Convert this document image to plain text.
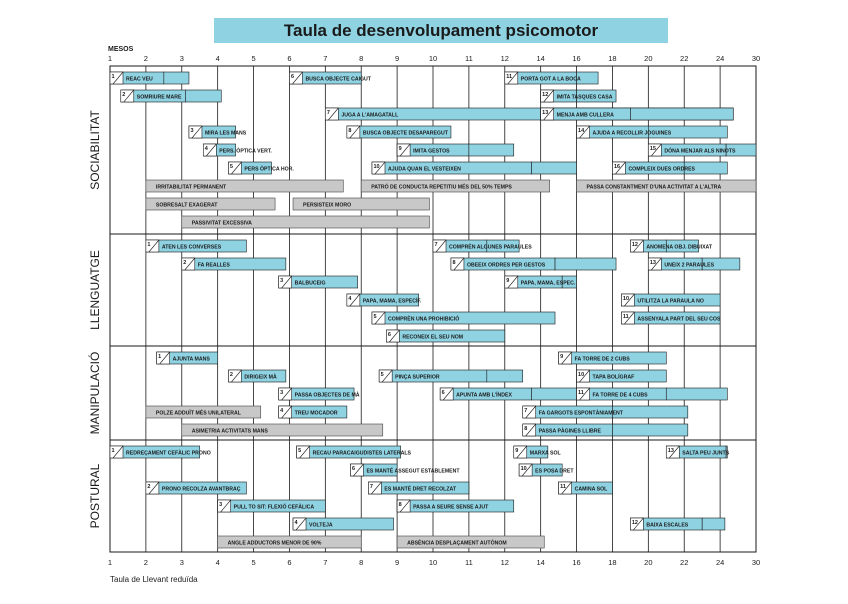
Taula de desenvolupament psicomotor
MESOS
1
1
2
2
3
3
4
4
5
5
6
6
7
7
8
8
9
9
10
10
11
11
12
12
14
14
16
16
18
18
20
20
22
22
24
24
30
30
SOCIABILITAT	IRRITABILITAT PERMANENT	PATRÓ DE CONDUCTA REPETITIU MÉS DEL 50% TEMPS	PASSA CONSTANTMENT D'UNA ACTIVITAT A L'ALTRA
SOBRESALT EXAGERAT	PERSISTEIX MORO
PASSIVITAT EXCESSIVA
1 REAC VEU	6 BUSCA OBJECTE CAIGUT	11 PORTA GOT A LA BOCA
2 SOMRIURE MARE	12 IMITA TASQUES CASA
7 JUGA A L'AMAGATALL	13 MENJA AMB CULLERA
3 MIRA LES MANS	8 BUSCA OBJECTE DESAPAREGUT	14 AJUDA A RECOLLIR JOGUINES
4 PERS. ÒPTICA VERT.	9 IMITA GESTOS	15 DÓNA MENJAR ALS NINOTS
5 PERS ÒPTICA HOR.	10 AJUDA QUAN EL VESTEIXEN	16 COMPLEIX DUES ORDRES
LLENGUATGE
1 ATEN LES CONVERSES	7 COMPRÈN ALGUNES PARAULES	12 ANOMENA OBJ. DIBUIXAT
2 FA REALLES	8 OBEEIX ORDRES PER GESTOS	13 UNEIX 2 PARAULES
3 BALBUCEIG	9 PAPA, MAMA, ESPEC.
4 PAPA, MAMA, ESPECÍF.	10 UTILITZA LA PARAULA NO
5 COMPRÈN UNA PROHIBICIÓ	11 ASSENYALA PART DEL SEU COS
6 RECONEIX EL SEU NOM
MANIPULACIÓ	POLZE ADDUÏT MÉS UNILATERAL
ASIMETRIA ACTIVITATS MANS
1 AJUNTA MANS	9 FA TORRE DE 2 CUBS
2 DIRIGEIX MÀ	5 PINÇA SUPERIOR	10 TAPA BOLÍGRAF
3 PASSA OBJECTES DE MÀ	6 APUNTA AMB L'ÍNDEX	11 FA TORRE DE 4 CUBS
4 TREU MOCADOR	7 FA GARGOTS ESPONTÀNIAMENT
8 PASSA PÀGINES LLIBRE
POSTURAL
ANGLE ADDUCTORS MENOR DE 90%	ABSÈNCIA DESPLAÇAMENT AUTÒNOM
1 REDREÇAMENT CEFÀLIC PRONO	5 RECAU PARACAIGUDISTES LATERALS	9 MARXA SOL	13 SALTA PEU JUNTS
6 ES MANTÉ ASSEGUT ESTABLEMENT	10 ES POSA DRET
2 PRONO RECOLZA AVANTBRAÇ	7 ES MANTÉ DRET RECOLZAT	11 CAMINA SOL
3 PULL TO SIT: FLEXIÓ CEFÀLICA	8 PASSA A SEURE SENSE AJUT
4 VOLTEJA	12 BAIXA ESCALES
Taula de Llevant reduïda
